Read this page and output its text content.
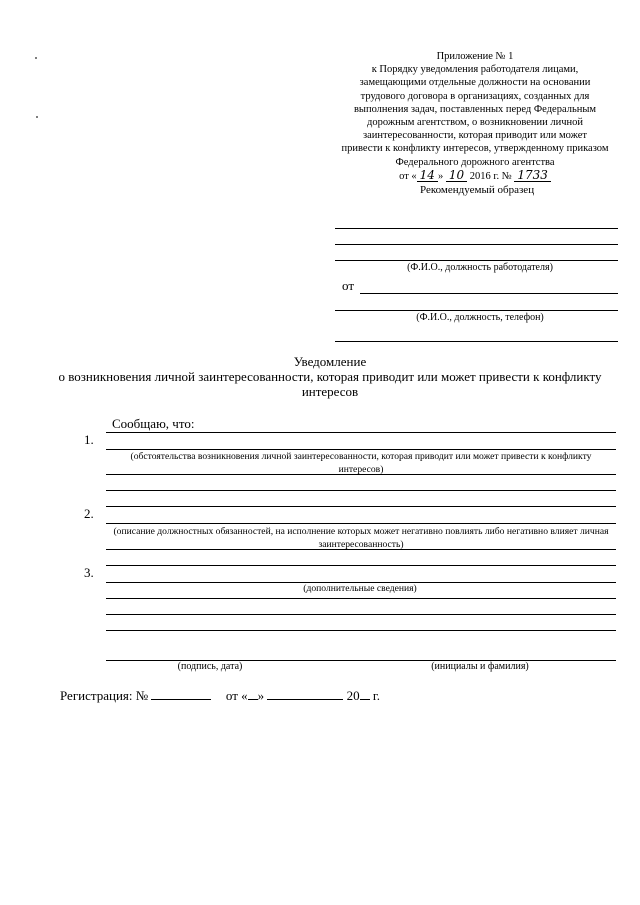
Приложение № 1
к Порядку уведомления работодателя лицами,
замещающими отдельные должности на основании
трудового договора в организациях, созданных для
выполнения задач, поставленных перед Федеральным
дорожным агентством, о возникновении личной
заинтересованности, которая приводит или может
привести к конфликту интересов, утвержденному приказом
Федерального дорожного агентства
от « 14 » 10 2016 г. № 1733
Рекомендуемый образец
(Ф.И.О., должность работодателя)
от
(Ф.И.О., должность, телефон)
Уведомление
о возникновения личной заинтересованности, которая приводит или может привести к конфликту интересов
Сообщаю, что:
1.
(обстоятельства возникновения личной заинтересованности, которая приводит или может привести к конфликту интересов)
2.
(описание должностных обязанностей, на исполнение которых может негативно повлиять либо негативно влияет личная заинтересованность)
3.
(дополнительные сведения)
(подпись, дата)	(инициалы и фамилия)
Регистрация: №	от « »	20 г.
